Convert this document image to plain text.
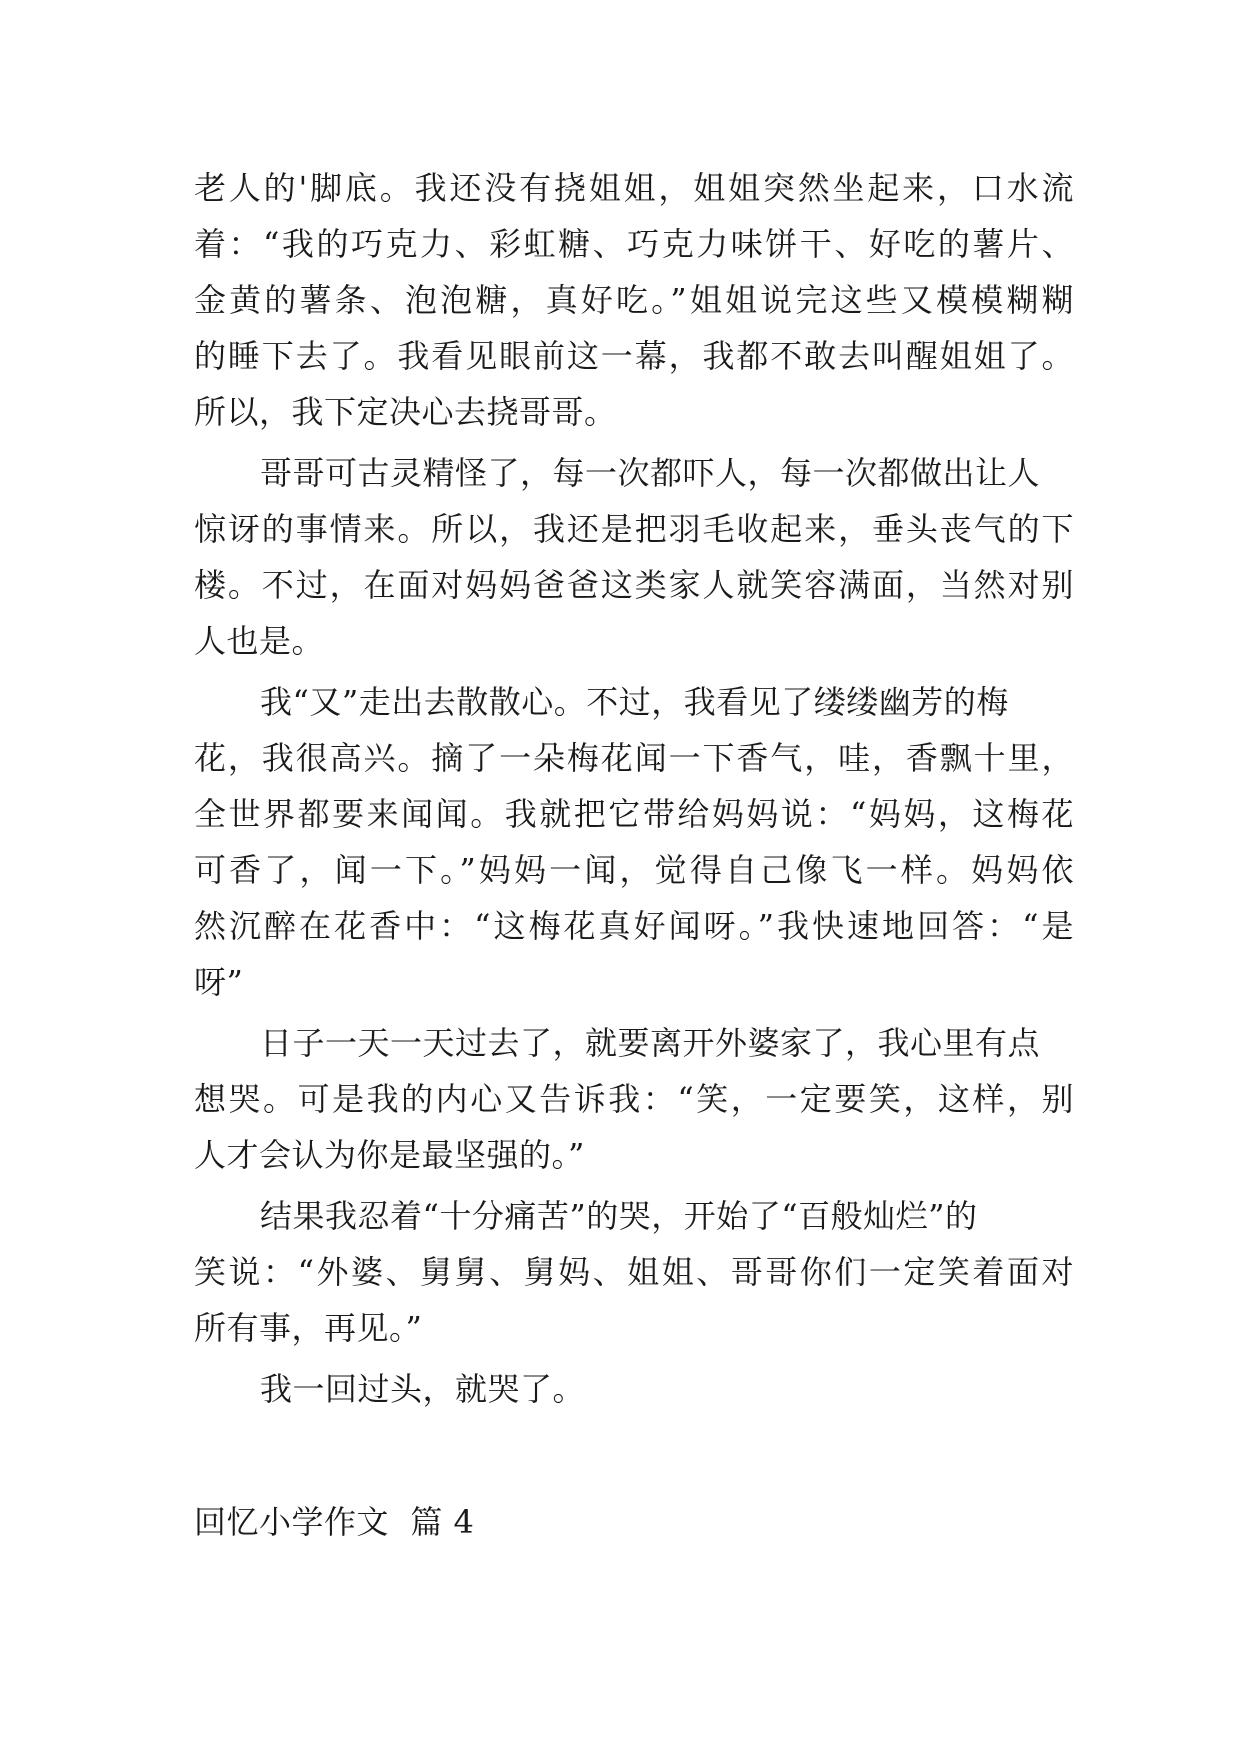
老人的'脚底。我还没有挠姐姐，姐姐突然坐起来，口水流
着：“我的巧克力、彩虹糖、巧克力味饼干、好吃的薯片、
金黄的薯条、泡泡糖，真好吃。”姐姐说完这些又模模糊糊
的睡下去了。我看见眼前这一幕，我都不敢去叫醒姐姐了。
所以，我下定决心去挠哥哥。
哥哥可古灵精怪了，每一次都吓人，每一次都做出让人
惊讶的事情来。所以，我还是把羽毛收起来，垂头丧气的下
楼。不过，在面对妈妈爸爸这类家人就笑容满面，当然对别
人也是。
我“又”走出去散散心。不过，我看见了缕缕幽芳的梅
花，我很高兴。摘了一朵梅花闻一下香气，哇，香飘十里，
全世界都要来闻闻。我就把它带给妈妈说：“妈妈，这梅花
可香了，闻一下。”妈妈一闻，觉得自己像飞一样。妈妈依
然沉醉在花香中：“这梅花真好闻呀。”我快速地回答：“是
呀”
日子一天一天过去了，就要离开外婆家了，我心里有点
想哭。可是我的内心又告诉我：“笑，一定要笑，这样，别
人才会认为你是最坚强的。”
结果我忍着“十分痛苦”的哭，开始了“百般灿烂”的
笑说：“外婆、舅舅、舅妈、姐姐、哥哥你们一定笑着面对
所有事，再见。”
我一回过头，就哭了。
回忆小学作文  篇 4
